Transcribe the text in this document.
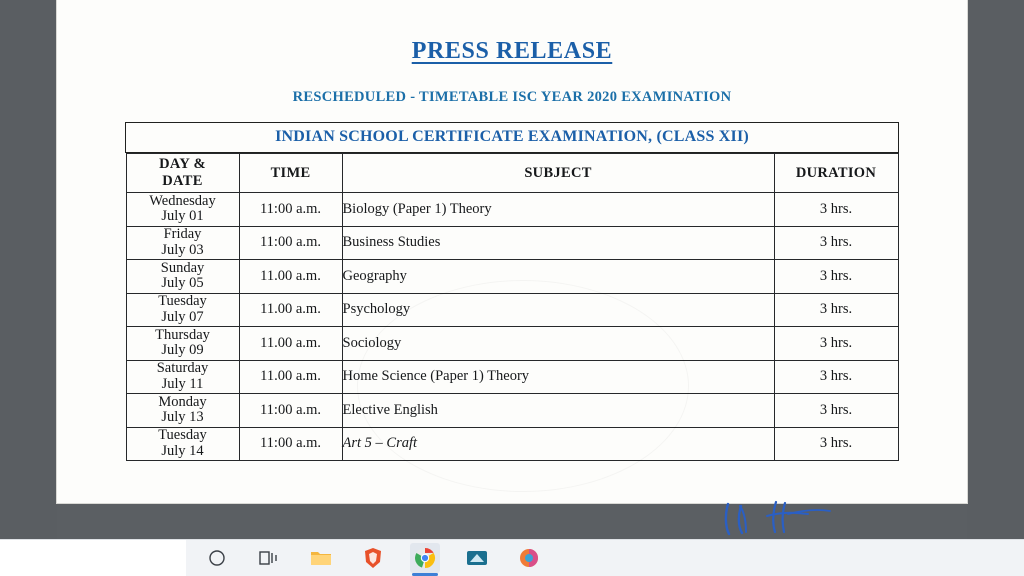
PRESS RELEASE
RESCHEDULED - TIMETABLE ISC YEAR 2020 EXAMINATION
INDIAN SCHOOL CERTIFICATE EXAMINATION, (CLASS XII)
DAY &
DATE	TIME	SUBJECT	DURATION

Wednesday
July 01	11:00 a.m.	Biology (Paper 1) Theory	3 hrs.

Friday
July 03	11:00 a.m.	Business Studies	3 hrs.

Sunday
July 05	11.00 a.m.	Geography	3 hrs.

Tuesday
July 07	11.00 a.m.	Psychology	3 hrs.

Thursday
July 09	11.00 a.m.	Sociology	3 hrs.

Saturday
July 11	11.00 a.m.	Home Science (Paper 1) Theory	3 hrs.

Monday
July 13	11:00 a.m.	Elective English	3 hrs.

Tuesday
July 14	11:00 a.m.	Art 5 – Craft	3 hrs.
